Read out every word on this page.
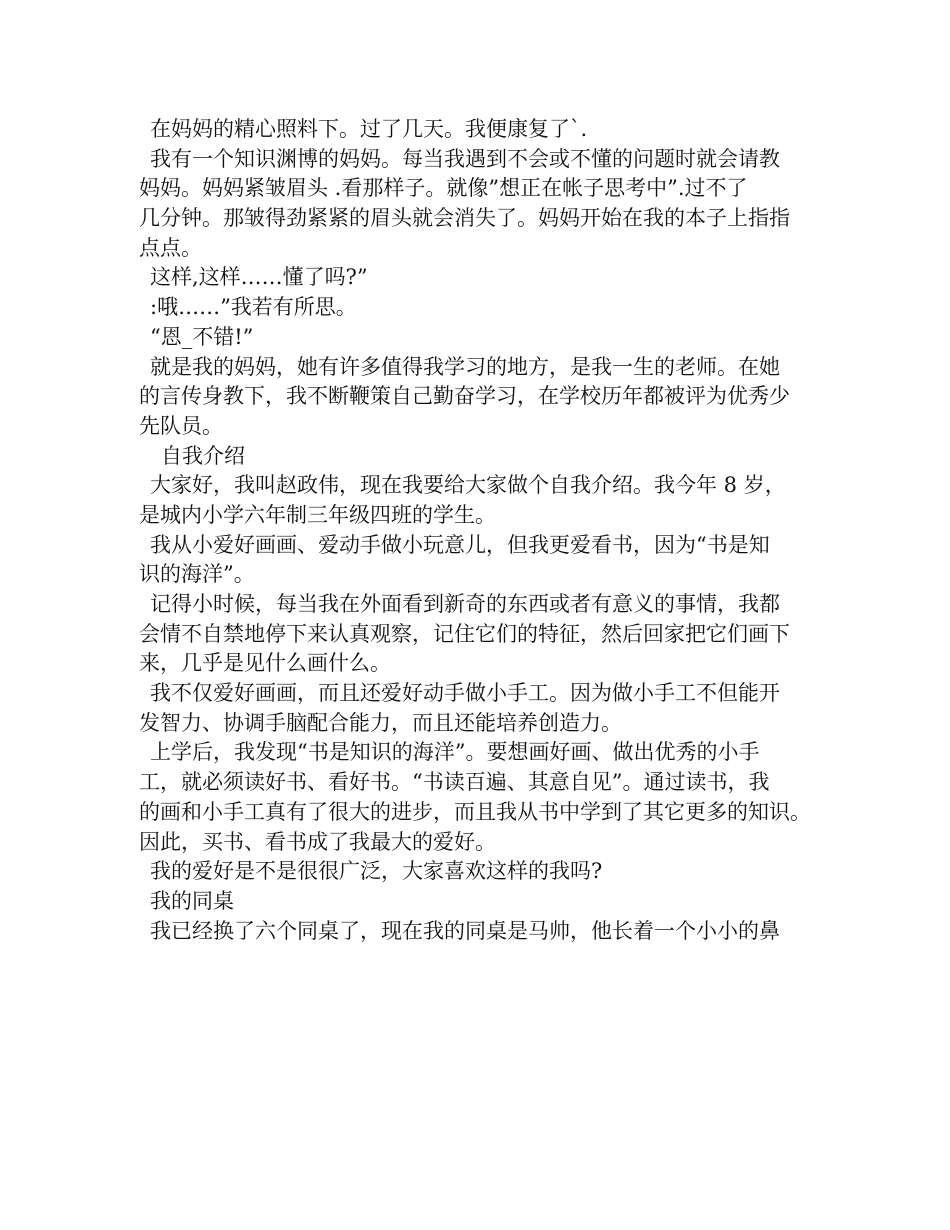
在妈妈的精心照料下。过了几天。我便康复了`.
我有一个知识渊博的妈妈。每当我遇到不会或不懂的问题时就会请教
妈妈。妈妈紧皱眉头 .看那样子。就像”想正在帐子思考中”.过不了
几分钟。那皱得劲紧紧的眉头就会消失了。妈妈开始在我的本子上指指
点点。
这样,这样……懂了吗?”
:哦……”我若有所思。
“恩_不错!”
就是我的妈妈，她有许多值得我学习的地方，是我一生的老师。在她
的言传身教下，我不断鞭策自己勤奋学习，在学校历年都被评为优秀少
先队员。
自我介绍
大家好，我叫赵政伟，现在我要给大家做个自我介绍。我今年 8 岁，
是城内小学六年制三年级四班的学生。
我从小爱好画画、爱动手做小玩意儿，但我更爱看书，因为“书是知
识的海洋”。
记得小时候，每当我在外面看到新奇的东西或者有意义的事情，我都
会情不自禁地停下来认真观察，记住它们的特征，然后回家把它们画下
来，几乎是见什么画什么。
我不仅爱好画画，而且还爱好动手做小手工。因为做小手工不但能开
发智力、协调手脑配合能力，而且还能培养创造力。
上学后，我发现“书是知识的海洋”。要想画好画、做出优秀的小手
工，就必须读好书、看好书。“书读百遍、其意自见”。通过读书，我
的画和小手工真有了很大的进步，而且我从书中学到了其它更多的知识。
因此，买书、看书成了我最大的爱好。
我的爱好是不是很很广泛，大家喜欢这样的我吗?
我的同桌
我已经换了六个同桌了，现在我的同桌是马帅，他长着一个小小的鼻
